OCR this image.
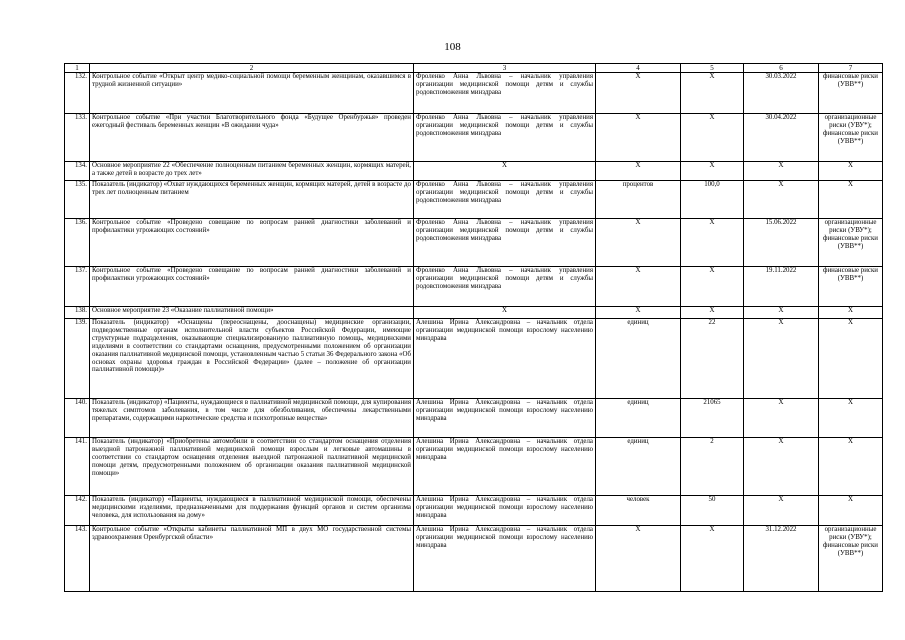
108
1	2	3	4	5	6	7
132.	Контрольное событие «Открыт центр медико-социальной помощи беременным женщинам, оказавшимся в трудной жизненной ситуации»	Фроленко Анна Львовна – начальник управления организации медицинской помощи детям и службы родовспоможения минздрава	Х	Х	30.03.2022	финансовые риски (УВВ**)
133.	Контрольное событие «При участии Благотворительного фонда «Будущее Оренбуржья» проведен ежегодный фестиваль беременных женщин «В ожидании чуда»	Фроленко Анна Львовна – начальник управления организации медицинской помощи детям и службы родовспоможения минздрава	Х	Х	30.04.2022	организационные риски (УВУ*); финансовые риски (УВВ**)
134.	Основное мероприятие 22 «Обеспечение полноценным питанием беременных женщин, кормящих матерей, а также детей в возрасте до трех лет»	Х	Х	Х	Х	Х
135.	Показатель (индикатор) «Охват нуждающихся беременных женщин, кормящих матерей, детей в возрасте до трех лет полноценным питанием	Фроленко Анна Львовна – начальник управления организации медицинской помощи детям и службы родовспоможения минздрава	процентов	100,0	Х	Х
136.	Контрольное событие «Проведено совещание по вопросам ранней диагностики заболеваний и профилактики угрожающих состояний»	Фроленко Анна Львовна – начальник управления организации медицинской помощи детям и службы родовспоможения минздрава	Х	Х	15.06.2022	организационные риски (УВУ*); финансовые риски (УВВ**)
137.	Контрольное событие «Проведено совещание по вопросам ранней диагностики заболеваний и профилактики угрожающих состояний»	Фроленко Анна Львовна – начальник управления организации медицинской помощи детям и службы родовспоможения минздрава	Х	Х	19.11.2022	финансовые риски (УВВ**)
138.	Основное мероприятие 23 «Оказание паллиативной помощи»	Х	Х	Х	Х	Х
139.	Показатель (индикатор) «Оснащены (переоснащены, дооснащены) медицинские организации, подведомственные органам исполнительной власти субъектов Российской Федерации, имеющие структурные подразделения, оказывающие специализированную паллиативную помощь, медицинскими изделиями в соответствии со стандартами оснащения, предусмотренными положением об организации оказания паллиативной медицинской помощи, установленным частью 5 статьи 36 Федерального закона «Об основах охраны здоровья граждан в Российской Федерации» (далее – положение об организации паллиативной помощи)»	Алешина Ирина Александровна – начальник отдела организации медицинской помощи взрослому населению минздрава	единиц	22	Х	Х
140.	Показатель (индикатор) «Пациенты, нуждающиеся в паллиативной медицинской помощи, для купирования тяжелых симптомов заболевания, в том числе для обезболивания, обеспечены лекарственными препаратами, содержащими наркотические средства и психотропные вещества»	Алешина Ирина Александровна – начальник отдела организации медицинской помощи взрослому населению минздрава	единиц	21065	Х	Х
141.	Показатель (индикатор) «Приобретены автомобили в соответствии со стандартом оснащения отделения выездной патронажной паллиативной медицинской помощи взрослым и легковые автомашины в соответствии со стандартом оснащения отделения выездной патронажной паллиативной медицинской помощи детям, предусмотренными положением об организации оказания паллиативной медицинской помощи»	Алешина Ирина Александровна – начальник отдела организации медицинской помощи взрослому населению минздрава	единиц	2	Х	Х
142.	Показатель (индикатор) «Пациенты, нуждающиеся в паллиативной медицинской помощи, обеспечены медицинскими изделиями, предназначенными для поддержания функций органов и систем организма человека, для использования на дому»	Алешина Ирина Александровна – начальник отдела организации медицинской помощи взрослому населению минздрава	человек	50	Х	Х
143.	Контрольное событие «Открыты кабинеты паллиативной МП в двух МО государственной системы здравоохранения Оренбургской области»	Алешина Ирина Александровна – начальник отдела организации медицинской помощи взрослому населению минздрава	Х	Х	31.12.2022	организационные риски (УВУ*); финансовые риски (УВВ**)
